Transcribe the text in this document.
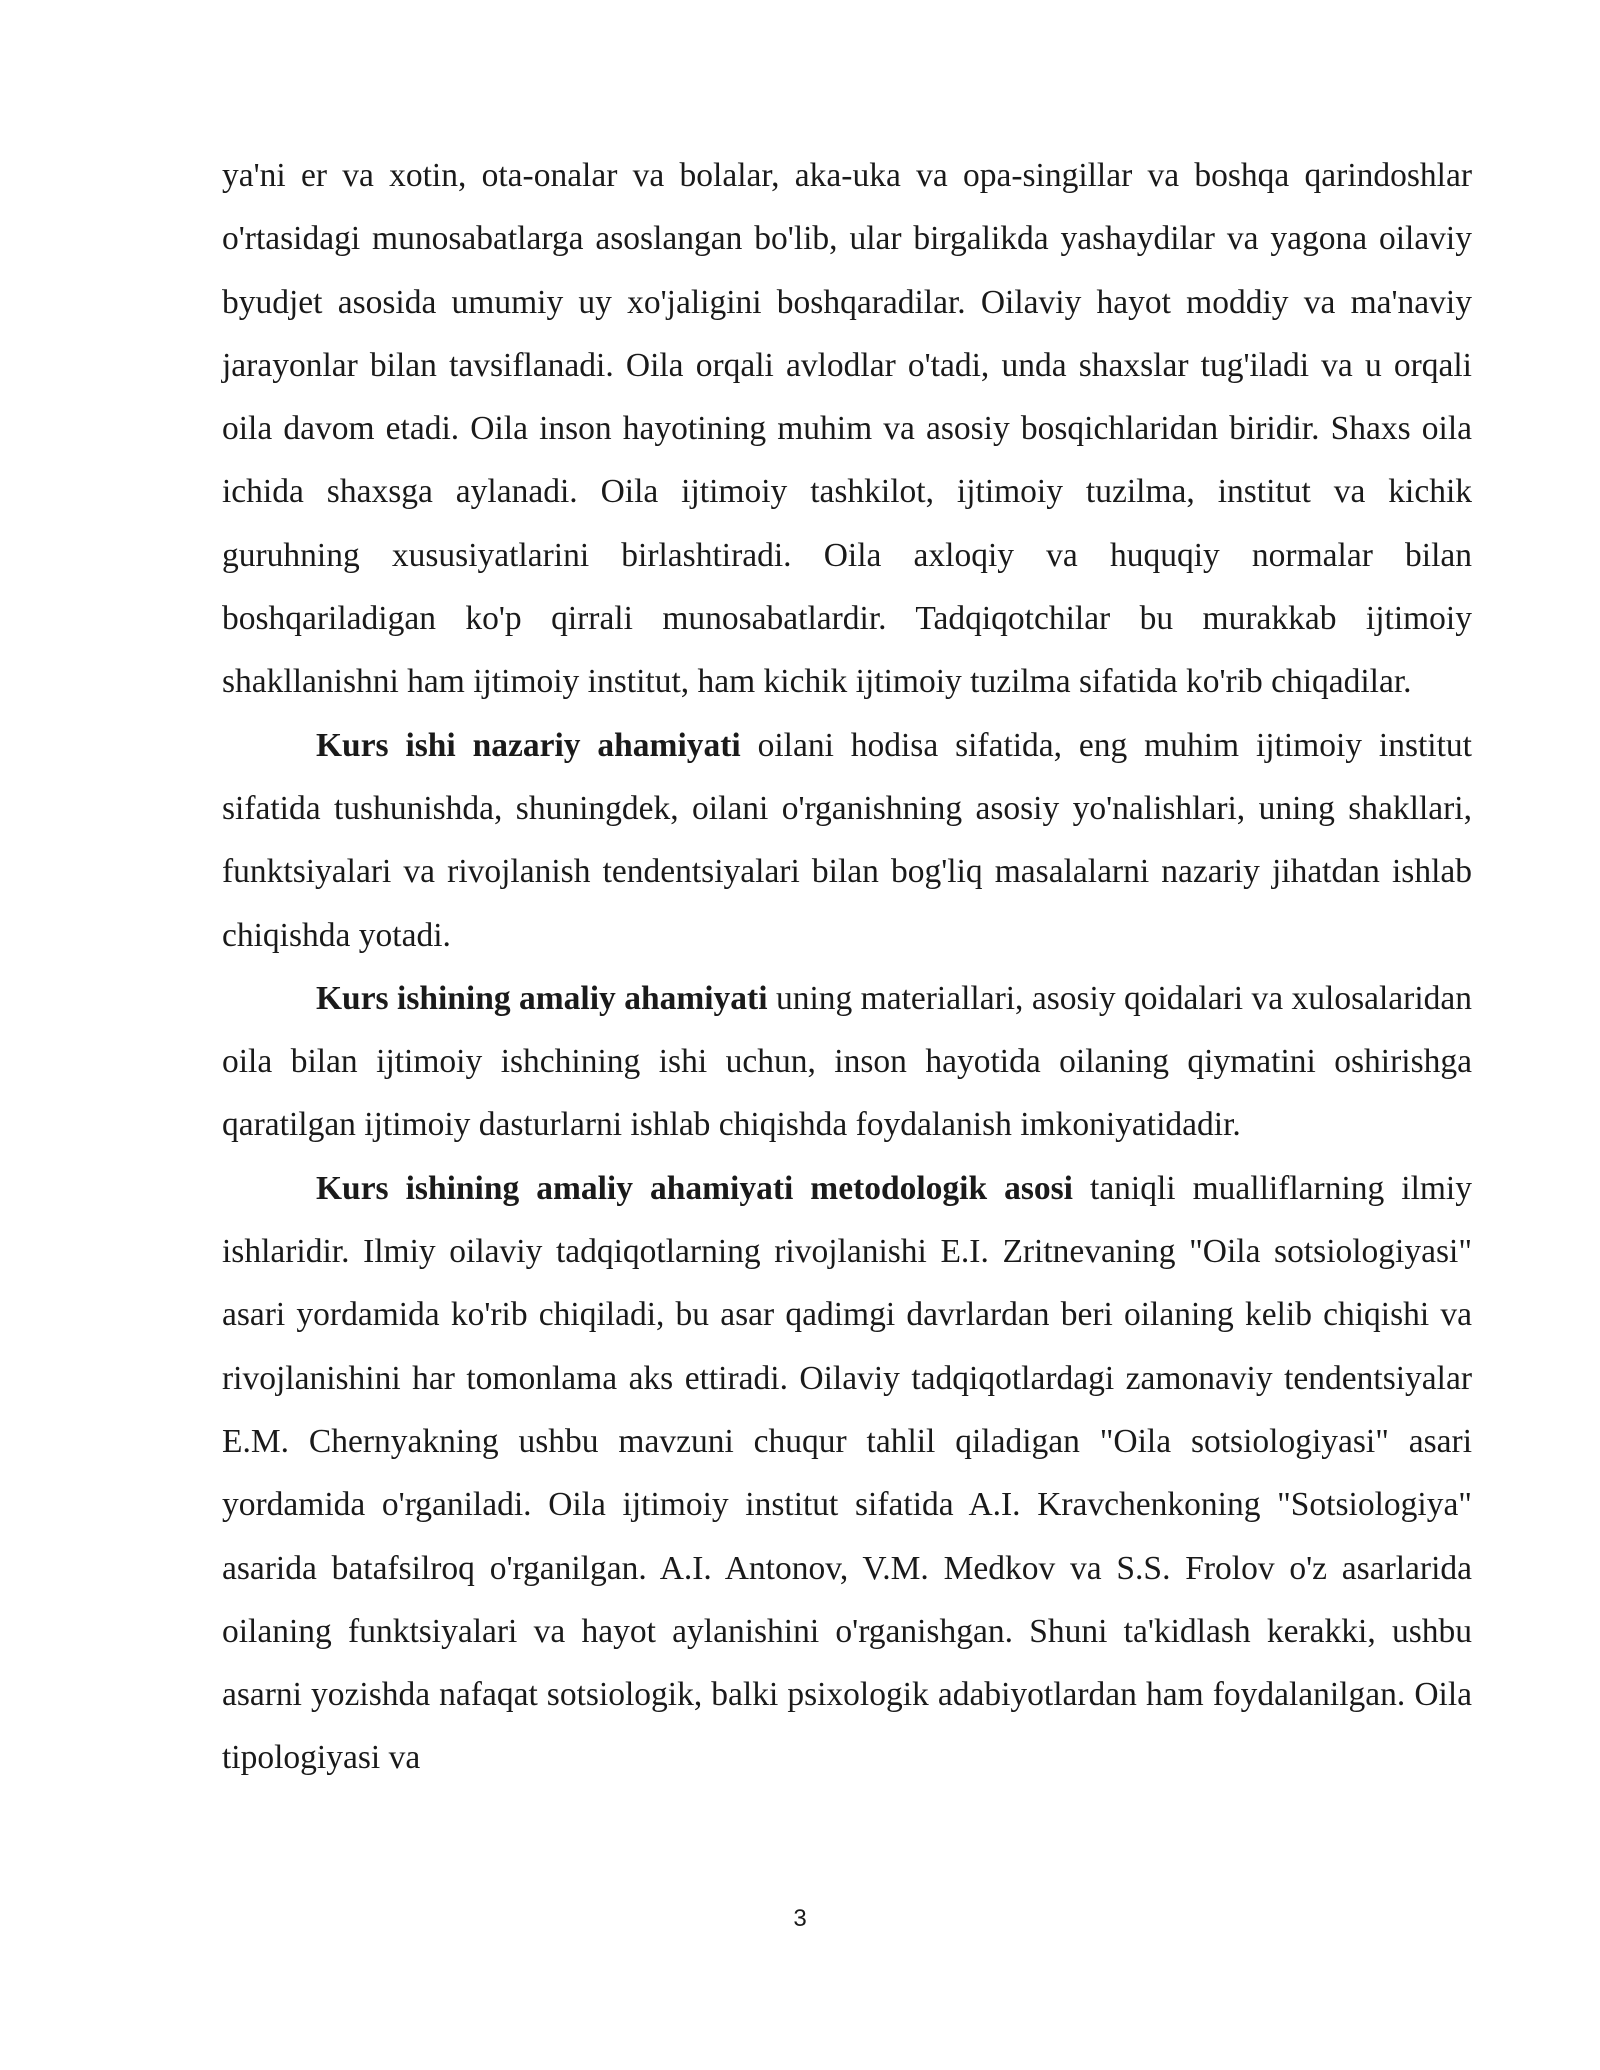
ya'ni er va xotin, ota-onalar va bolalar, aka-uka va opa-singillar va boshqa qarindoshlar o'rtasidagi munosabatlarga asoslangan bo'lib, ular birgalikda yashaydilar va yagona oilaviy byudjet asosida umumiy uy xo'jaligini boshqaradilar. Oilaviy hayot moddiy va ma'naviy jarayonlar bilan tavsiflanadi. Oila orqali avlodlar o'tadi, unda shaxslar tug'iladi va u orqali oila davom etadi. Oila inson hayotining muhim va asosiy bosqichlaridan biridir. Shaxs oila ichida shaxsga aylanadi. Oila ijtimoiy tashkilot, ijtimoiy tuzilma, institut va kichik guruhning xususiyatlarini birlashtiradi. Oila axloqiy va huquqiy normalar bilan boshqariladigan ko'p qirrali munosabatlardir. Tadqiqotchilar bu murakkab ijtimoiy shakllanishni ham ijtimoiy institut, ham kichik ijtimoiy tuzilma sifatida ko'rib chiqadilar.

Kurs ishi nazariy ahamiyati oilani hodisa sifatida, eng muhim ijtimoiy institut sifatida tushunishda, shuningdek, oilani o'rganishning asosiy yo'nalishlari, uning shakllari, funktsiyalari va rivojlanish tendentsiyalari bilan bog'liq masalalarni nazariy jihatdan ishlab chiqishda yotadi.

Kurs ishining amaliy ahamiyati uning materiallari, asosiy qoidalari va xulosalaridan oila bilan ijtimoiy ishchining ishi uchun, inson hayotida oilaning qiymatini oshirishga qaratilgan ijtimoiy dasturlarni ishlab chiqishda foydalanish imkoniyatidadir.

Kurs ishining amaliy ahamiyati metodologik asosi taniqli mualliflarning ilmiy ishlaridir. Ilmiy oilaviy tadqiqotlarning rivojlanishi E.I. Zritnevaning "Oila sotsiologiyasi" asari yordamida ko'rib chiqiladi, bu asar qadimgi davrlardan beri oilaning kelib chiqishi va rivojlanishini har tomonlama aks ettiradi. Oilaviy tadqiqotlardagi zamonaviy tendentsiyalar E.M. Chernyakning ushbu mavzuni chuqur tahlil qiladigan "Oila sotsiologiyasi" asari yordamida o'rganiladi. Oila ijtimoiy institut sifatida A.I. Kravchenkoning "Sotsiologiya" asarida batafsilroq o'rganilgan. A.I. Antonov, V.M. Medkov va S.S. Frolov o'z asarlarida oilaning funktsiyalari va hayot aylanishini o'rganishgan. Shuni ta'kidlash kerakki, ushbu asarni yozishda nafaqat sotsiologik, balki psixologik adabiyotlardan ham foydalanilgan. Oila tipologiyasi va

3
